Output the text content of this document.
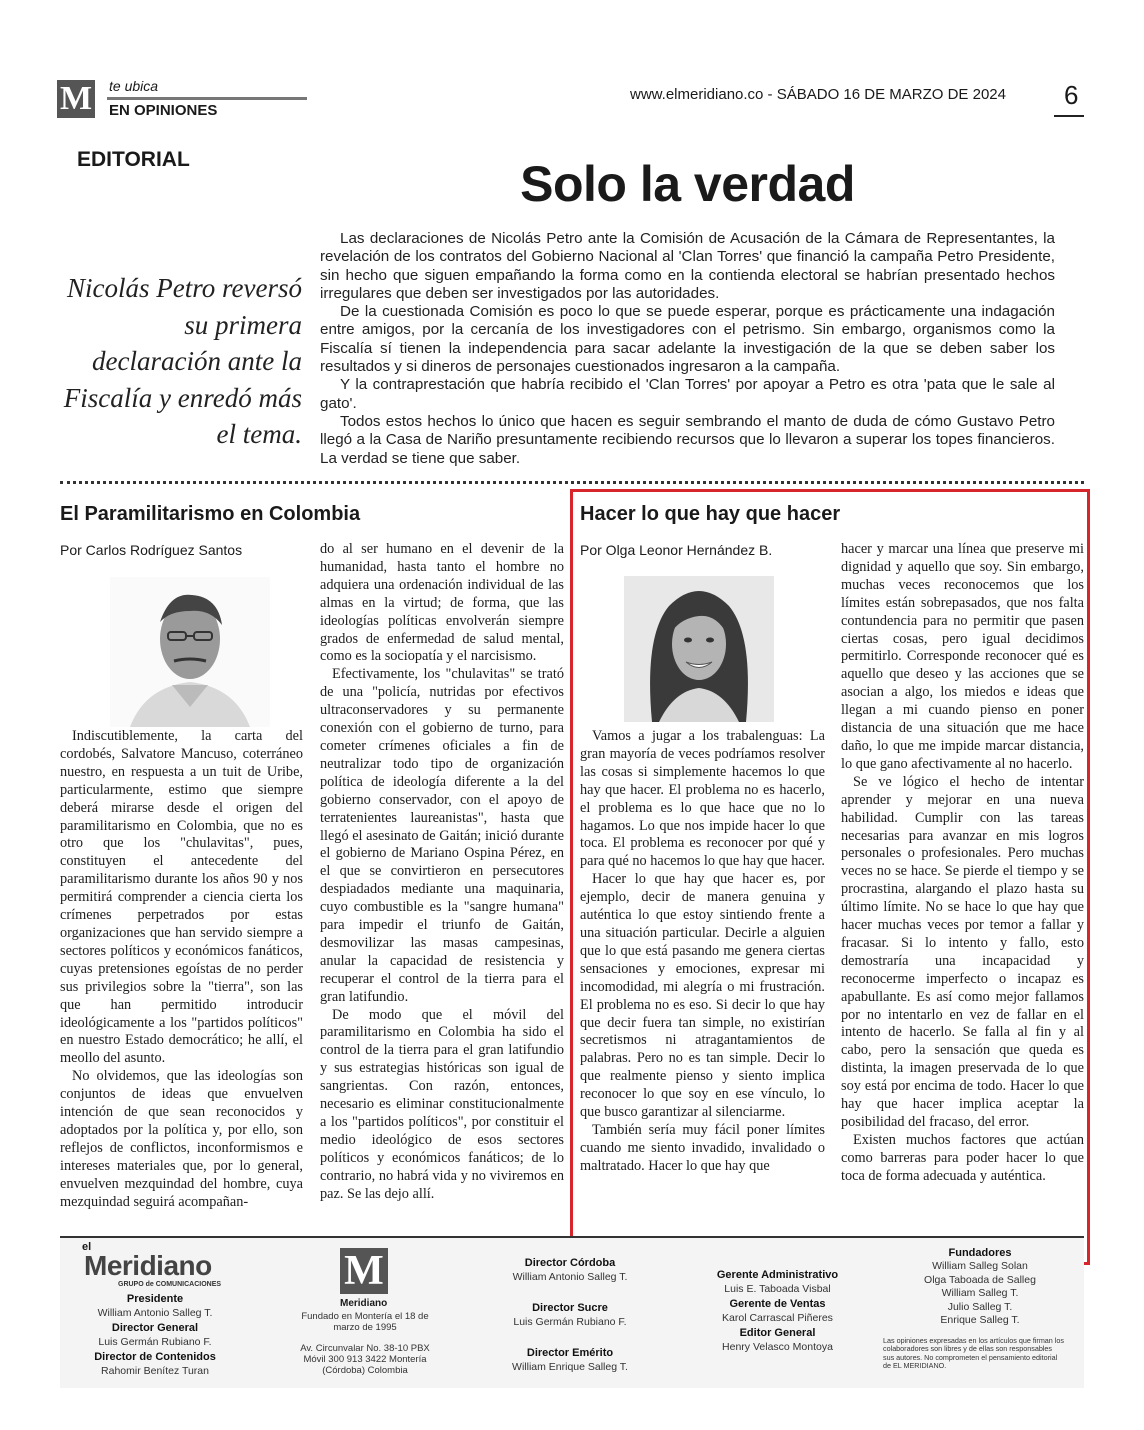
M te ubica
EN OPINIONES
www.elmeridiano.co - SÁBADO 16 DE MARZO DE 2024 6
EDITORIAL	Solo la verdad
Nicolás Petro reversó su primera declaración ante la Fiscalía y enredó más el tema.

Las declaraciones de Nicolás Petro ante la Comisión de Acusación de la Cámara de Representantes, la revelación de los contratos del Gobierno Nacional al 'Clan Torres' que financió la campaña Petro Presidente, sin hecho que siguen empañando la forma como en la contienda electoral se habrían presentado hechos irregulares que deben ser investigados por las autoridades.

De la cuestionada Comisión es poco lo que se puede esperar, porque es prácticamente una indagación entre amigos, por la cercanía de los investigadores con el petrismo. Sin embargo, organismos como la Fiscalía sí tienen la independencia para sacar adelante la investigación de la que se deben saber los resultados y si dineros de personajes cuestionados ingresaron a la campaña.

Y la contraprestación que habría recibido el 'Clan Torres' por apoyar a Petro es otra 'pata que le sale al gato'.

Todos estos hechos lo único que hacen es seguir sembrando el manto de duda de cómo Gustavo Petro llegó a la Casa de Nariño presuntamente recibiendo recursos que lo llevaron a superar los topes financieros. La verdad se tiene que saber.

El Paramilitarismo en Colombia
Por Carlos Rodríguez Santos

Indiscutiblemente, la carta del cordobés, Salvatore Mancuso, coterráneo nuestro, en respuesta a un tuit de Uribe, particularmente, estimo que siempre deberá mirarse desde el origen del paramilitarismo en Colombia, que no es otro que los "chulavitas", pues, constituyen el antecedente del paramilitarismo durante los años 90 y nos permitirá comprender a ciencia cierta los crímenes perpetrados por estas organizaciones que han servido siempre a sectores políticos y económicos fanáticos, cuyas pretensiones egoístas de no perder sus privilegios sobre la "tierra", son las que han permitido introducir ideológicamente a los "partidos políticos" en nuestro Estado democrático; he allí, el meollo del asunto.

No olvidemos, que las ideologías son conjuntos de ideas que envuelven intención de que sean reconocidos y adoptados por la política y, por ello, son reflejos de conflictos, inconformismos e intereses materiales que, por lo general, envuelven mezquindad del hombre, cuya mezquindad seguirá acompañan-

do al ser humano en el devenir de la humanidad, hasta tanto el hombre no adquiera una ordenación individual de las almas en la virtud; de forma, que las ideologías políticas envolverán siempre grados de enfermedad de salud mental, como es la sociopatía y el narcisismo.

Efectivamente, los "chulavitas" se trató de una "policía, nutridas por efectivos ultraconservadores y su permanente conexión con el gobierno de turno, para cometer crímenes oficiales a fin de neutralizar todo tipo de organización política de ideología diferente a la del gobierno conservador, con el apoyo de terratenientes laureanistas", hasta que llegó el asesinato de Gaitán; inició durante el gobierno de Mariano Ospina Pérez, en el que se convirtieron en persecutores despiadados mediante una maquinaria, cuyo combustible es la "sangre humana" para impedir el triunfo de Gaitán, desmovilizar las masas campesinas, anular la capacidad de resistencia y recuperar el control de la tierra para el gran latifundio.

De modo que el móvil del paramilitarismo en Colombia ha sido el control de la tierra para el gran latifundio y sus estrategias históricas son igual de sangrientas. Con razón, entonces, necesario es eliminar constitucionalmente a los "partidos políticos", por constituir el medio ideológico de esos sectores políticos y económicos fanáticos; de lo contrario, no habrá vida y no viviremos en paz. Se las dejo allí.

Hacer lo que hay que hacer
Por Olga Leonor Hernández B.

Vamos a jugar a los trabalenguas: La gran mayoría de veces podríamos resolver las cosas si simplemente hacemos lo que hay que hacer. El problema no es hacerlo, el problema es lo que hace que no lo hagamos. Lo que nos impide hacer lo que toca. El problema es reconocer por qué y para qué no hacemos lo que hay que hacer.

Hacer lo que hay que hacer es, por ejemplo, decir de manera genuina y auténtica lo que estoy sintiendo frente a una situación particular. Decirle a alguien que lo que está pasando me genera ciertas sensaciones y emociones, expresar mi incomodidad, mi alegría o mi frustración. El problema no es eso. Si decir lo que hay que decir fuera tan simple, no existirían secretismos ni atragantamientos de palabras. Pero no es tan simple. Decir lo que realmente pienso y siento implica reconocer lo que soy en ese vínculo, lo que busco garantizar al silenciarme.

También sería muy fácil poner límites cuando me siento invadido, invalidado o maltratado. Hacer lo que hay que

hacer y marcar una línea que preserve mi dignidad y aquello que soy. Sin embargo, muchas veces reconocemos que los límites están sobrepasados, que nos falta contundencia para no permitir que pasen ciertas cosas, pero igual decidimos permitirlo. Corresponde reconocer qué es aquello que deseo y las acciones que se asocian a algo, los miedos e ideas que llegan a mi cuando pienso en poner distancia de una situación que me hace daño, lo que me impide marcar distancia, lo que gano afectivamente al no hacerlo.

Se ve lógico el hecho de intentar aprender y mejorar en una nueva habilidad. Cumplir con las tareas necesarias para avanzar en mis logros personales o profesionales. Pero muchas veces no se hace. Se pierde el tiempo y se procrastina, alargando el plazo hasta su último límite. No se hace lo que hay que hacer muchas veces por temor a fallar y fracasar. Si lo intento y fallo, esto demostraría una incapacidad y reconocerme imperfecto o incapaz es apabullante. Es así como mejor fallamos por no intentarlo en vez de fallar en el intento de hacerlo. Se falla al fin y al cabo, pero la sensación que queda es distinta, la imagen preservada de lo que soy está por encima de todo. Hacer lo que hay que hacer implica aceptar la posibilidad del fracaso, del error.

Existen muchos factores que actúan como barreras para poder hacer lo que toca de forma adecuada y auténtica.

el
Meridiano
GRUPO de COMUNICACIONES
Presidente
William Antonio Salleg T.
Director General
Luis Germán Rubiano F.
Director de Contenidos
Rahomir Benítez Turan
M
Meridiano
Fundado en Montería el 18 de marzo de 1995
Av. Circunvalar No. 38-10 PBX Móvil 300 913 3422 Montería (Córdoba) Colombia
Director Córdoba
William Antonio Salleg T.
Director Sucre
Luis Germán Rubiano F.
Director Emérito
William Enrique Salleg T.
Gerente Administrativo
Luis E. Taboada Visbal
Gerente de Ventas
Karol Carrascal Piñeres
Editor General
Henry Velasco Montoya
Fundadores
William Salleg Solan
Olga Taboada de Salleg
William Salleg T.
Julio Salleg T.
Enrique Salleg T.
Las opiniones expresadas en los artículos que firman los colaboradores son libres y de ellas son responsables sus autores. No comprometen el pensamiento editorial de EL MERIDIANO.
